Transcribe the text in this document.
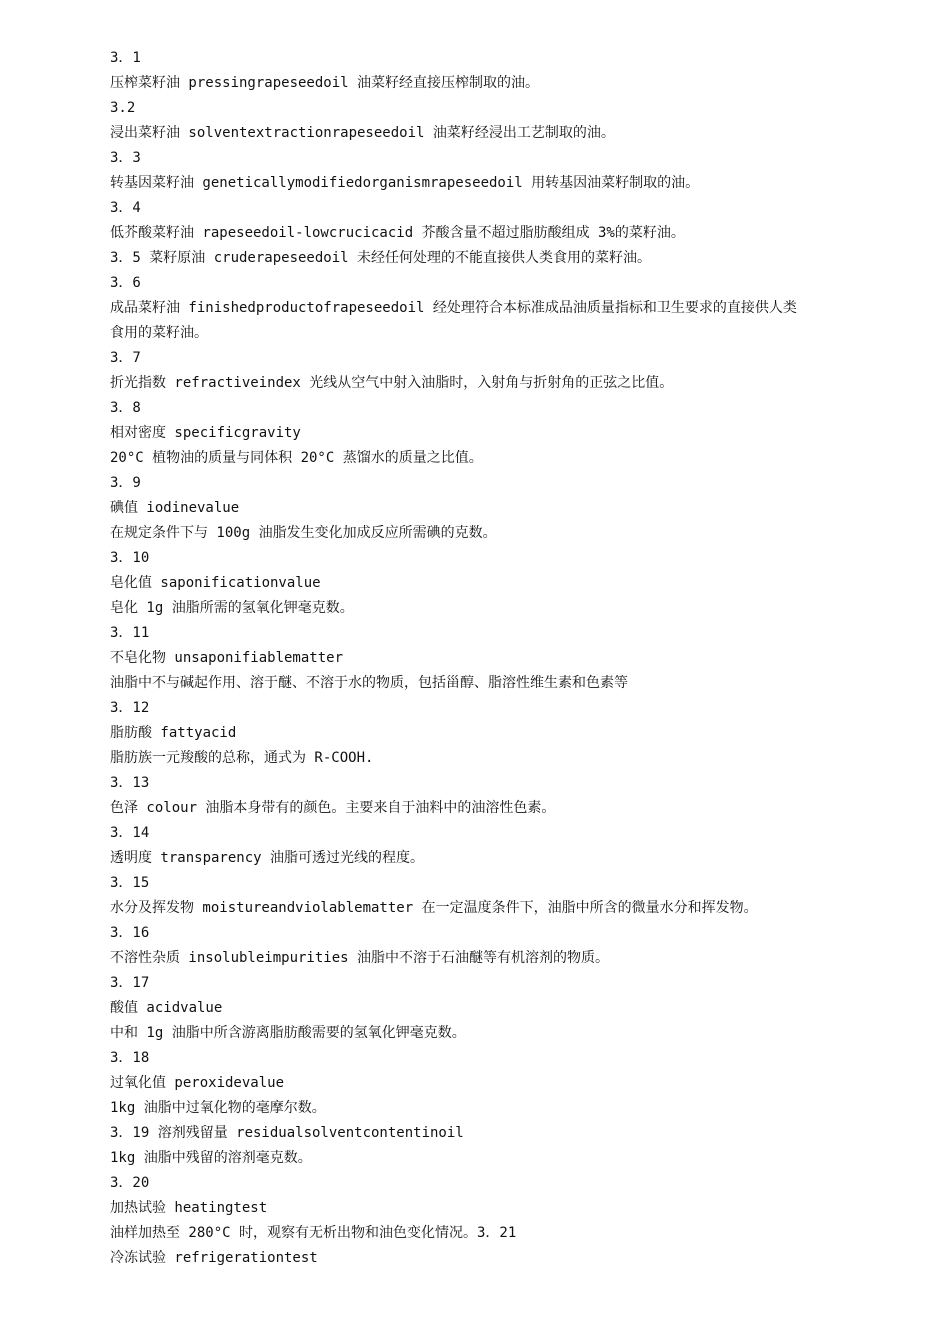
3．1
压榨菜籽油 pressingrapeseedoil 油菜籽经直接压榨制取的油。
3.2
浸出菜籽油 solventextractionrapeseedoil 油菜籽经浸出工艺制取的油。
3．3
转基因菜籽油 geneticallymodifiedorganismrapeseedoil 用转基因油菜籽制取的油。
3．4
低芥酸菜籽油 rapeseedoil-lowcrucicacid 芥酸含量不超过脂肪酸组成 3%的菜籽油。
3．5 菜籽原油 cruderapeseedoil 未经任何处理的不能直接供人类食用的菜籽油。
3．6
成品菜籽油 finishedproductofrapeseedoil 经处理符合本标准成品油质量指标和卫生要求的直接供人类
食用的菜籽油。
3．7
折光指数 refractiveindex 光线从空气中射入油脂时，入射角与折射角的正弦之比值。
3．8
相对密度 specificgravity
20°C 植物油的质量与同体积 20°C 蒸馏水的质量之比值。
3．9
碘值 iodinevalue
在规定条件下与 100g 油脂发生变化加成反应所需碘的克数。
3．10
皂化值 saponificationvalue
皂化 1g 油脂所需的氢氧化钾毫克数。
3．11
不皂化物 unsaponifiablematter
油脂中不与碱起作用、溶于醚、不溶于水的物质，包括甾醇、脂溶性维生素和色素等
3．12
脂肪酸 fattyacid
脂肪族一元羧酸的总称，通式为 R-COOH.
3．13
色泽 colour 油脂本身带有的颜色。主要来自于油料中的油溶性色素。
3．14
透明度 transparency 油脂可透过光线的程度。
3．15
水分及挥发物 moistureandviolablematter 在一定温度条件下，油脂中所含的微量水分和挥发物。
3．16
不溶性杂质 insolubleimpurities 油脂中不溶于石油醚等有机溶剂的物质。
3．17
酸值 acidvalue
中和 1g 油脂中所含游离脂肪酸需要的氢氧化钾毫克数。
3．18
过氧化值 peroxidevalue
1kg 油脂中过氧化物的毫摩尔数。
3．19 溶剂残留量 residualsolventcontentinoil
1kg 油脂中残留的溶剂毫克数。
3．20
加热试验 heatingtest
油样加热至 280°C 时，观察有无析出物和油色变化情况。3．21
冷冻试验 refrigerationtest
